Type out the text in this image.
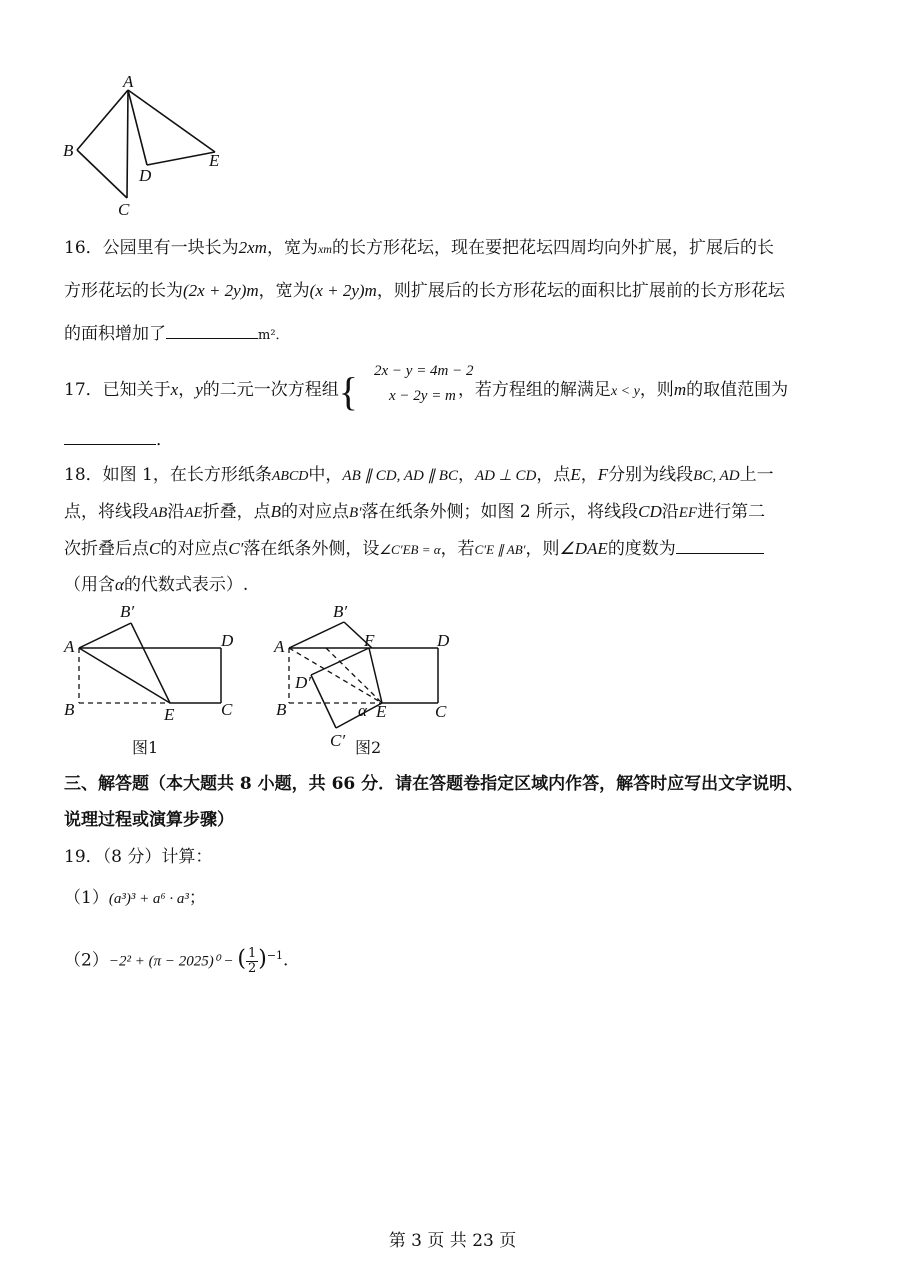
A
B
C
D
E
16．公园里有一块长为2xm，宽为xm的长方形花坛，现在要把花坛四周均向外扩展，扩展后的长
方形花坛的长为(2x + 2y)m，宽为(x + 2y)m，则扩展后的长方形花坛的面积比扩展前的长方形花坛
的面积增加了	m²．
17．已知关于x，y的二元一次方程组{	，若方程组的解满足x < y，则m的取值范围为
2x − y = 4m − 2
x − 2y = m
．
18．如图 1，在长方形纸条ABCD中，AB ∥ CD, AD ∥ BC，AD ⊥ CD，点E，F分别为线段BC, AD上一
点，将线段AB沿AE折叠，点B的对应点B′落在纸条外侧；如图 2 所示，将线段CD沿EF进行第二
次折叠后点C的对应点C′落在纸条外侧，设∠C′EB = α，若C′E ∥ AB′，则∠DAE的度数为
（用含α的代数式表示）.
B′
A	D
B	E	C
图1
B′
A	F	D
D′
B	α E	C
C′ 图2
三、解答题（本大题共 8 小题，共 66 分．请在答题卷指定区域内作答，解答时应写出文字说明、
说理过程或演算步骤）
19．（8 分）计算：
（1）(a³)³ + a⁶ · a³；
（2）−2² + (π − 2025)⁰ − ( $\frac{1}{2} )^{-1}$.
第 3 页 共 23 页
